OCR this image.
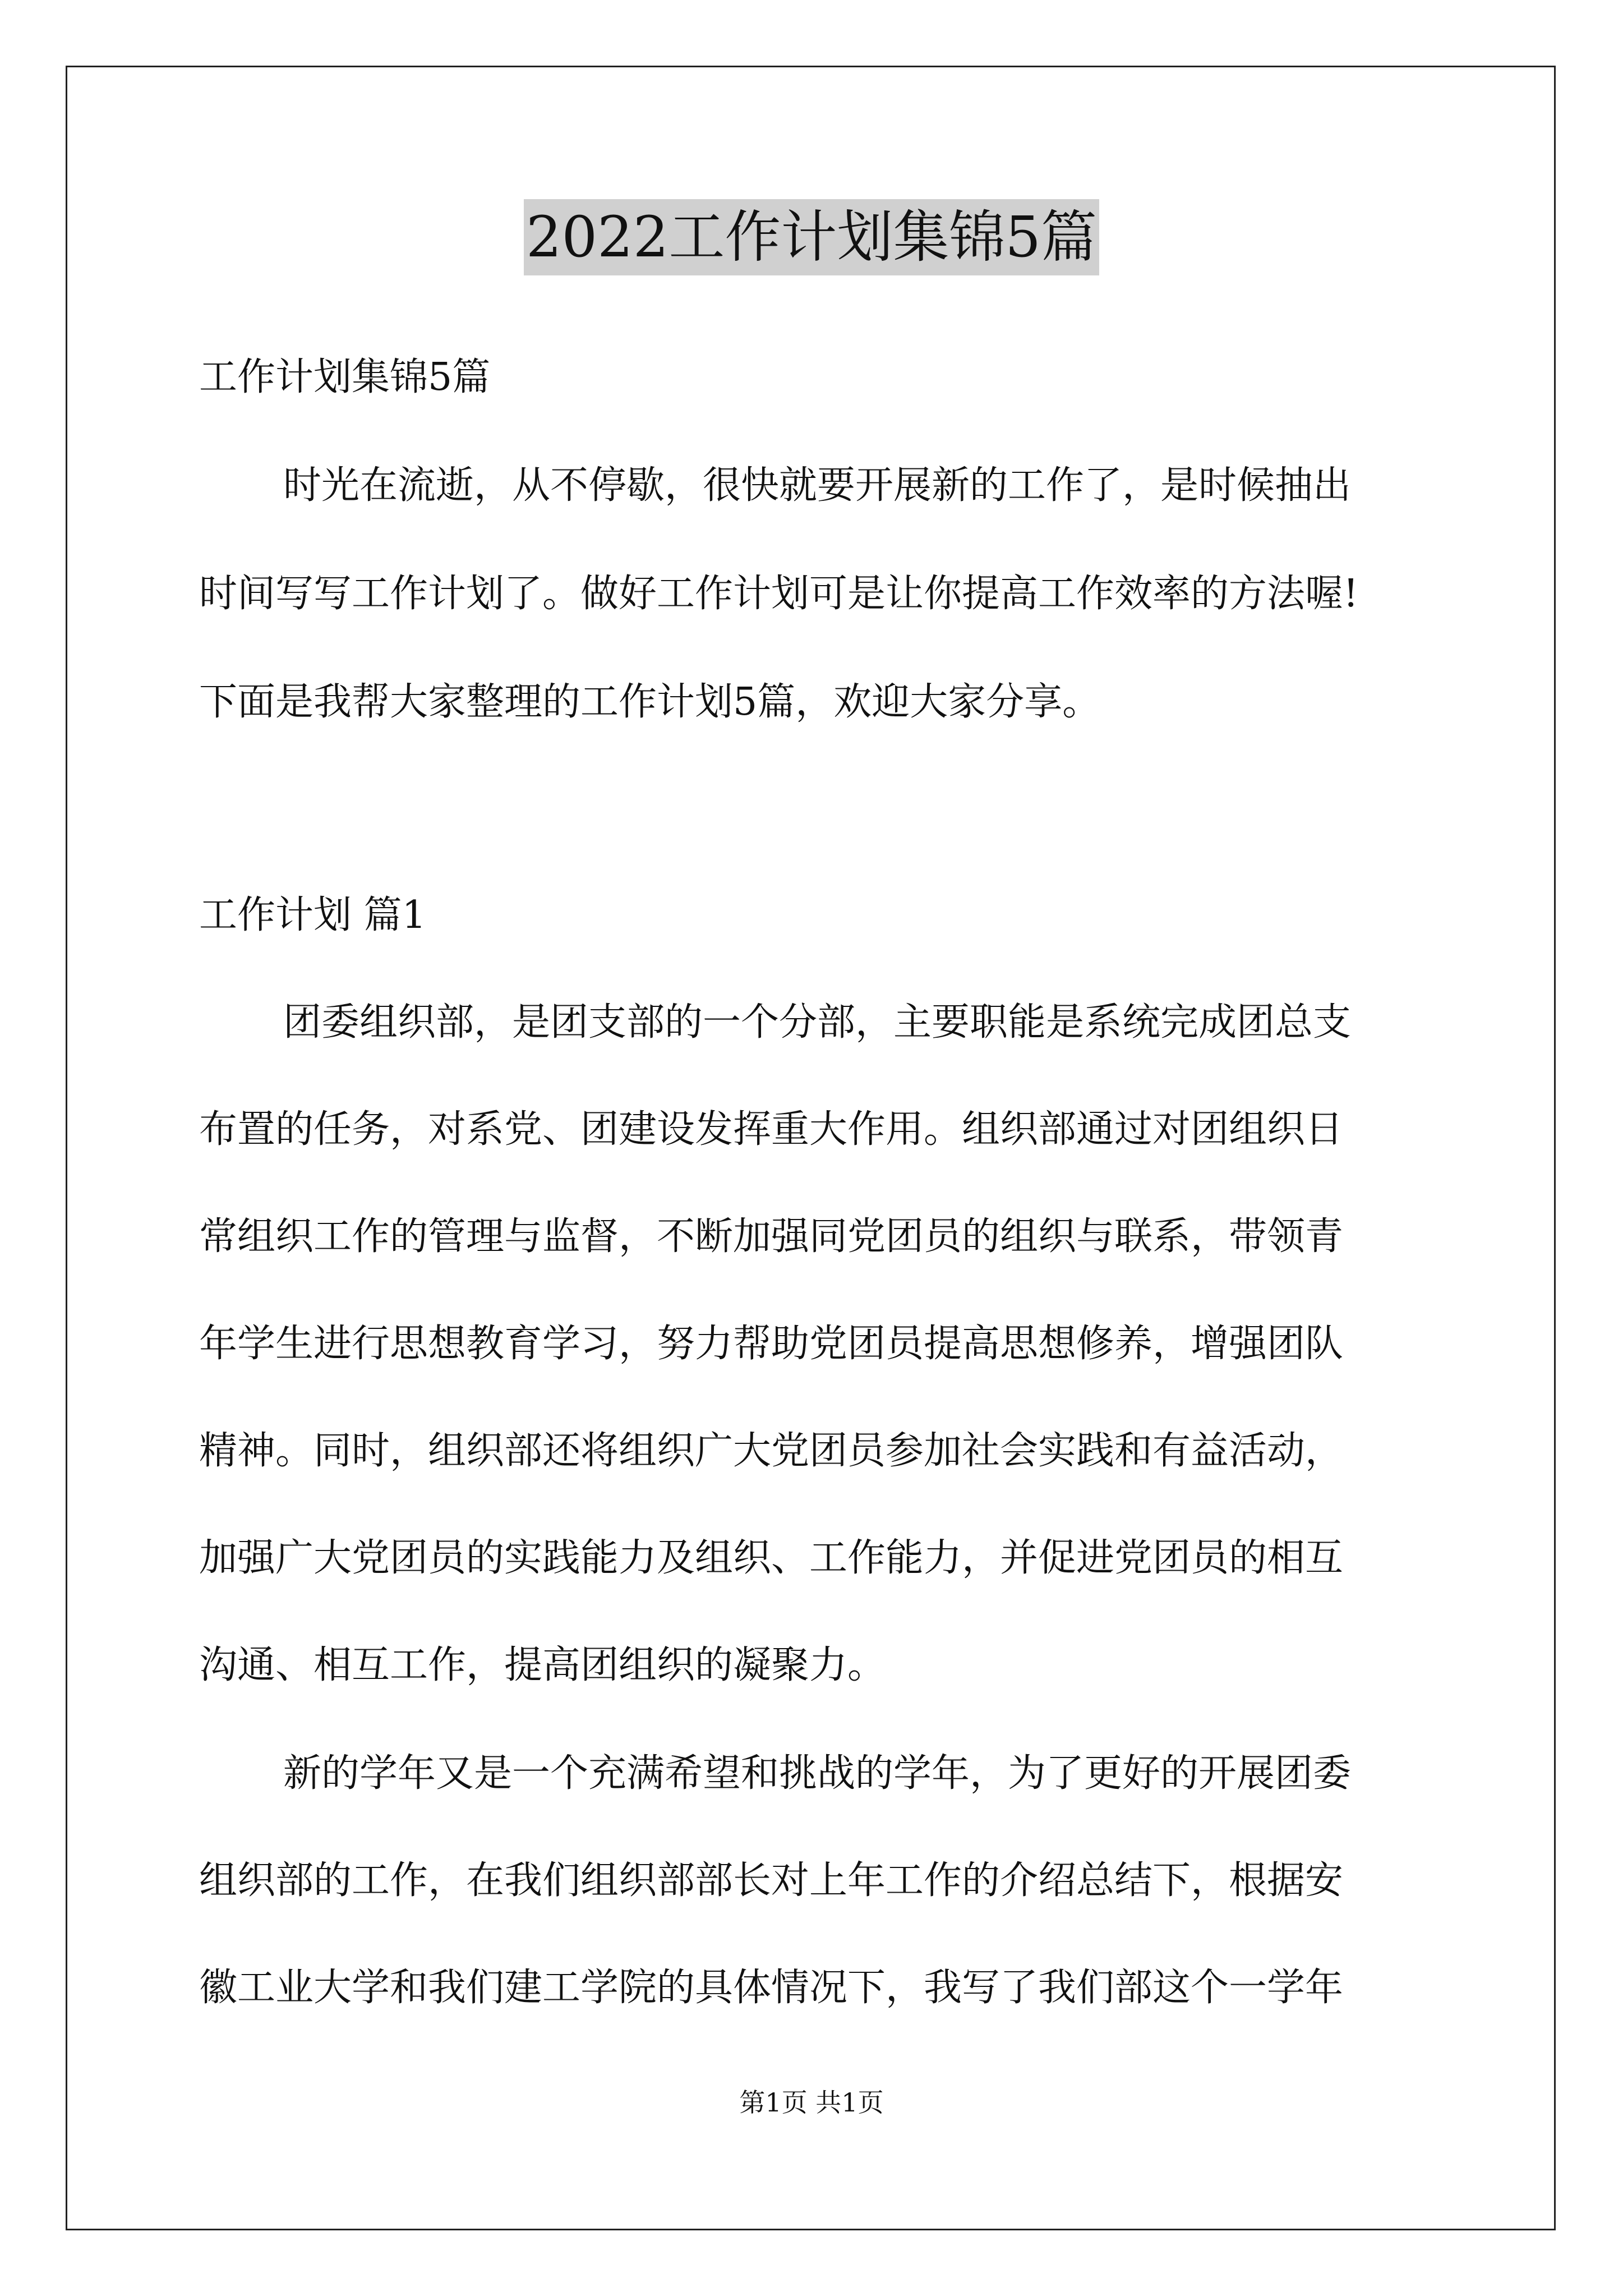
2022工作计划集锦5篇
工作计划集锦5篇
时光在流逝，从不停歇，很快就要开展新的工作了，是时候抽出
时间写写工作计划了。做好工作计划可是让你提高工作效率的方法喔!
下面是我帮大家整理的工作计划5篇，欢迎大家分享。
工作计划 篇1
团委组织部，是团支部的一个分部，主要职能是系统完成团总支
布置的任务，对系党、团建设发挥重大作用。组织部通过对团组织日
常组织工作的管理与监督，不断加强同党团员的组织与联系，带领青
年学生进行思想教育学习，努力帮助党团员提高思想修养，增强团队
精神。同时，组织部还将组织广大党团员参加社会实践和有益活动，
加强广大党团员的实践能力及组织、工作能力，并促进党团员的相互
沟通、相互工作，提高团组织的凝聚力。
新的学年又是一个充满希望和挑战的学年，为了更好的开展团委
组织部的工作，在我们组织部部长对上年工作的介绍总结下，根据安
徽工业大学和我们建工学院的具体情况下，我写了我们部这个一学年
第1页 共1页
